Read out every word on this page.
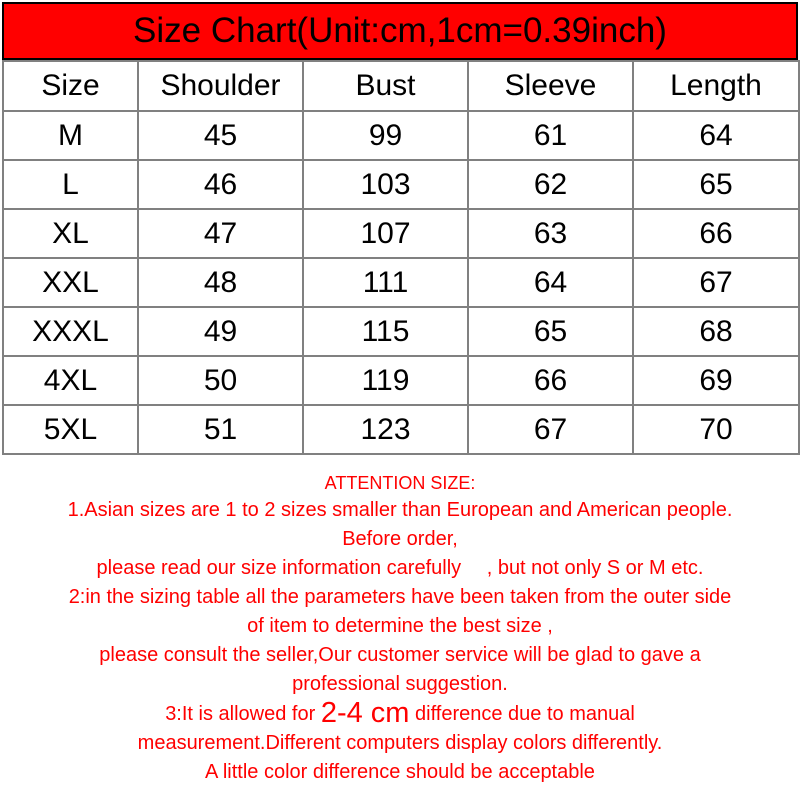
Size Chart(Unit:cm,1cm=0.39inch)
Size	Shoulder	Bust	Sleeve	Length
M	45	99	61	64
L	46	103	62	65
XL	47	107	63	66
XXL	48	111	64	67
XXXL	49	115	65	68
4XL	50	119	66	69
5XL	51	123	67	70
ATTENTION SIZE:
1.Asian sizes are 1 to 2 sizes smaller than European and American people.
Before order,
please read our size information carefully 　, but not only S or M etc.
2:in the sizing table all the parameters have been taken from the outer side
of item to determine the best size ,
please consult the seller,Our customer service will be glad to gave a
professional suggestion.
3:It is allowed for 2-4 cm difference due to manual
measurement.Different computers display colors differently.
A little color difference should be acceptable
